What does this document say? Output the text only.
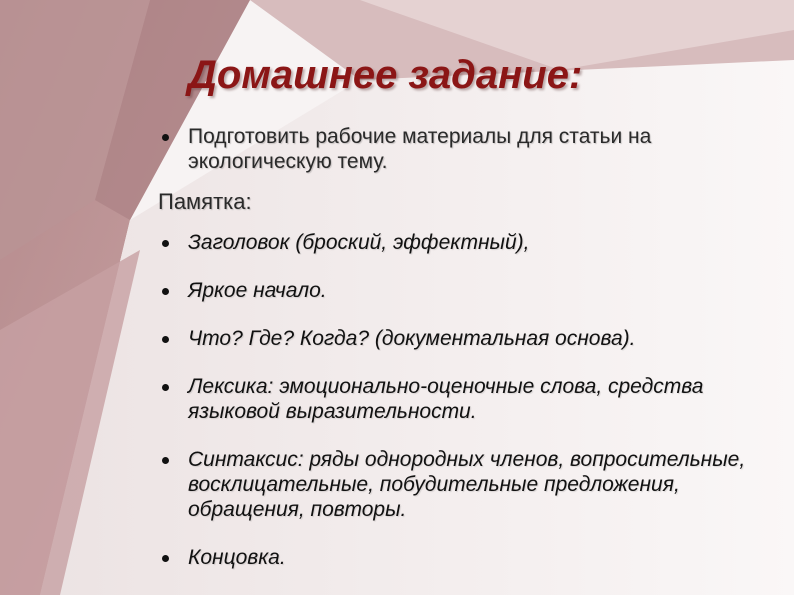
Домашнее задание:
Подготовить рабочие материалы для статьи на экологическую тему.
Памятка:
Заголовок (броский, эффектный),
Яркое начало.
Что? Где? Когда? (документальная основа).
Лексика: эмоционально-оценочные слова, средства языковой выразительности.
Синтаксис: ряды однородных членов, вопросительные, восклицательные, побудительные предложения, обращения, повторы.
Концовка.
